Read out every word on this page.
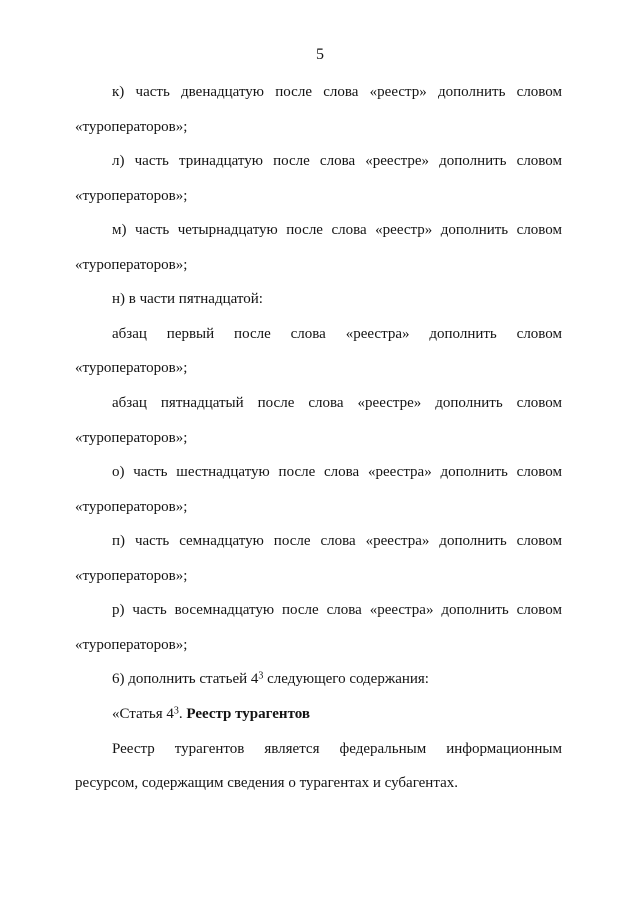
5
к) часть двенадцатую после слова «реестр» дополнить словом
«туроператоров»;
л) часть тринадцатую после слова «реестре» дополнить словом
«туроператоров»;
м) часть четырнадцатую после слова «реестр» дополнить словом
«туроператоров»;
н) в части пятнадцатой:
абзац первый после слова «реестра» дополнить словом
«туроператоров»;
абзац пятнадцатый после слова «реестре» дополнить словом
«туроператоров»;
о) часть шестнадцатую после слова «реестра» дополнить словом
«туроператоров»;
п) часть семнадцатую после слова «реестра» дополнить словом
«туроператоров»;
р) часть восемнадцатую после слова «реестра» дополнить словом
«туроператоров»;
6) дополнить статьей $4^3$ следующего содержания:
«Статья $4^3$. Реестр турагентов
Реестр турагентов является федеральным информационным
ресурсом, содержащим сведения о турагентах и субагентах.
